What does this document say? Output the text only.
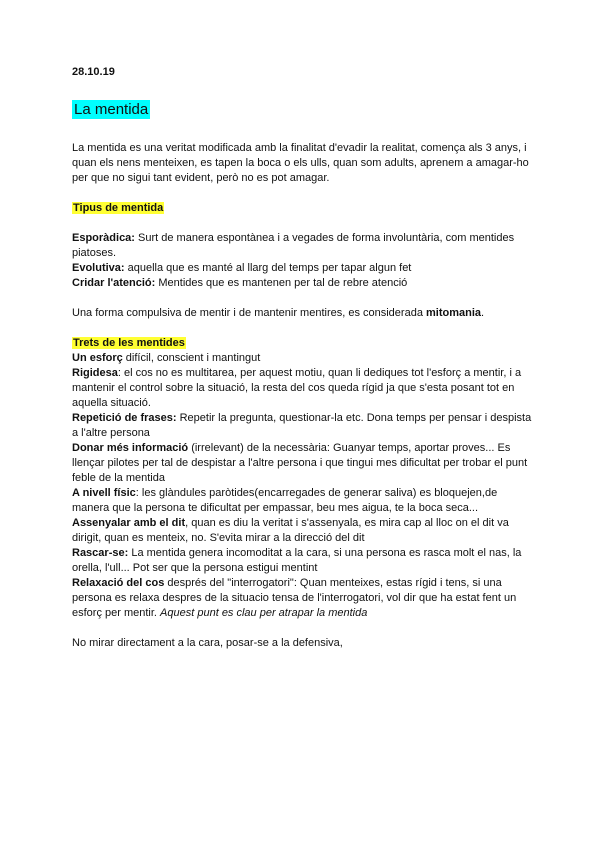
28.10.19
La mentida

La mentida es una veritat modificada amb la finalitat d'evadir la realitat, comença als 3 anys, i quan els nens menteixen, es tapen la boca o els ulls, quan som adults, aprenem a amagar-ho per que no sigui tant evident, però no es pot amagar.

Tipus de mentida

Esporàdica: Surt de manera espontànea i a vegades de forma involuntària, com mentides piatoses.

Evolutiva: aquella que es manté al llarg del temps per tapar algun fet

Cridar l'atenció: Mentides que es mantenen per tal de rebre atenció

Una forma compulsiva de mentir i de mantenir mentires, es considerada mitomania.

Trets de les mentides

Un esforç difícil, conscient i mantingut

Rigidesa: el cos no es multitarea, per aquest motiu, quan li dediques tot l'esforç a mentir, i a mantenir el control sobre la situació, la resta del cos queda rígid ja que s'esta posant tot en aquella situació.

Repetició de frases: Repetir la pregunta, questionar-la etc. Dona temps per pensar i despista a l'altre persona

Donar més informació (irrelevant) de la necessària: Guanyar temps, aportar proves... Es llençar pilotes per tal de despistar a l'altre persona i que tingui mes dificultat per trobar el punt feble de la mentida

A nivell físic: les glàndules paròtides(encarregades de generar saliva) es bloquejen,de manera que la persona te dificultat per empassar, beu mes aigua, te la boca seca...

Assenyalar amb el dit, quan es diu la veritat i s'assenyala, es mira cap al lloc on el dit va dirigit, quan es menteix, no. S'evita mirar a la direcció del dit

Rascar-se: La mentida genera incomoditat a la cara, si una persona es rasca molt el nas, la orella, l'ull... Pot ser que la persona estigui mentint

Relaxació del cos després del "interrogatori": Quan menteixes, estas rígid i tens, si una persona es relaxa despres de la situacio tensa de l'interrogatori, vol dir que ha estat fent un esforç per mentir. Aquest punt es clau per atrapar la mentida

No mirar directament a la cara, posar-se a la defensiva,
